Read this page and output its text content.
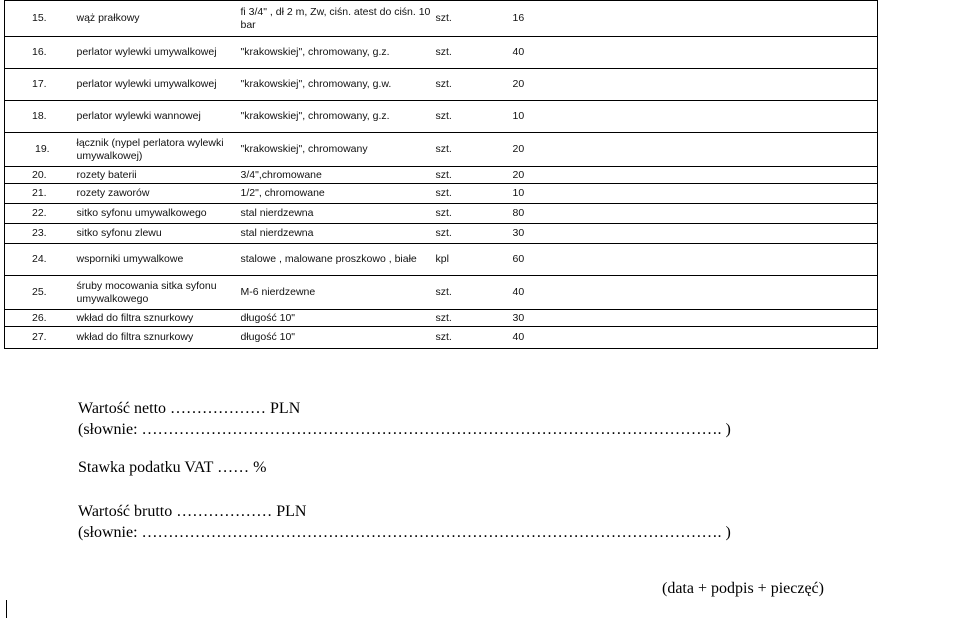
15.	wąż prałkowy	fi 3/4" , dł 2 m, Zw, ciśn. atest do ciśn. 10 bar	szt.	16
16.	perlator wylewki umywalkowej	"krakowskiej", chromowany, g.z.	szt.	40
17.	perlator wylewki umywalkowej	"krakowskiej", chromowany, g.w.	szt.	20
18.	perlator wylewki wannowej	"krakowskiej", chromowany, g.z.	szt.	10
19.	łącznik (nypel perlatora wylewki umywalkowej)	"krakowskiej", chromowany	szt.	20
20.	rozety baterii	3/4",chromowane	szt.	20
21.	rozety zaworów	1/2", chromowane	szt.	10
22.	sitko syfonu umywalkowego	stal nierdzewna	szt.	80
23.	sitko syfonu zlewu	stal nierdzewna	szt.	30
24.	wsporniki umywalkowe	stalowe , malowane proszkowo , białe	kpl	60
25.	śruby mocowania sitka syfonu umywalkowego	M-6 nierdzewne	szt.	40
26.	wkład do filtra sznurkowy	długość 10"	szt.	30
27.	wkład do filtra sznurkowy	długość 10"	szt.	40
Wartość netto ……………… PLN
(słownie: ………………………………………………………………………………………………. )
Stawka podatku VAT …… %
Wartość brutto ……………… PLN
(słownie: ………………………………………………………………………………………………. )
(data + podpis + pieczęć)
